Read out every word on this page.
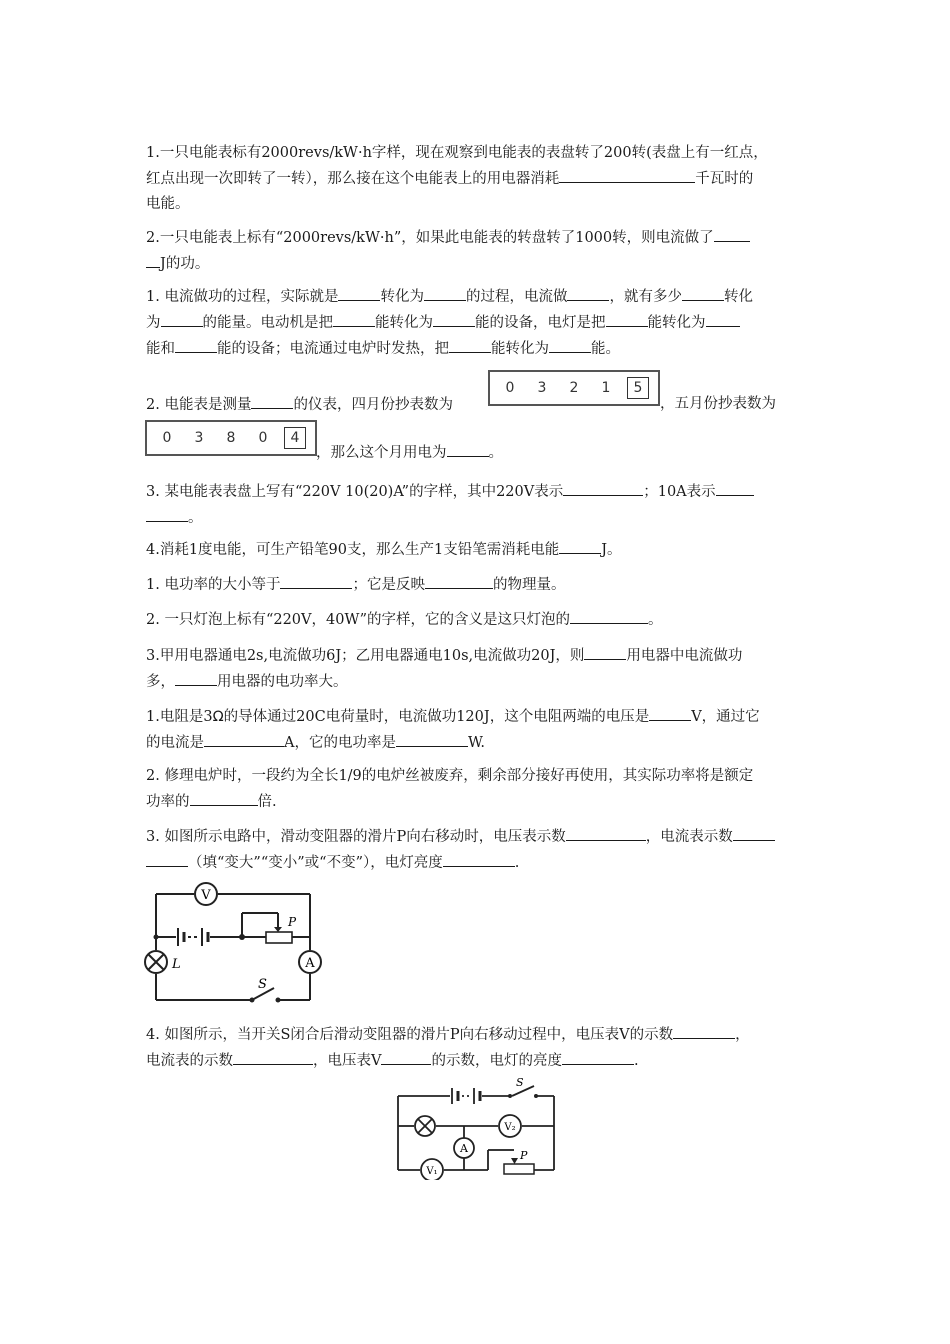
1.一只电能表标有2000revs/kW·h字样，现在观察到电能表的表盘转了200转(表盘上有一红点，
红点出现一次即转了一转），那么接在这个电能表上的用电器消耗	千瓦时的
电能。
2.一只电能表上标有“2000revs/kW·h”，如果此电能表的转盘转了1000转，则电流做了
J的功。
1. 电流做功的过程，实际就是	转化为	的过程，电流做	，就有多少	转化
为	的能量。电动机是把	能转化为	能的设备，电灯是把	能转化为
能和	能的设备；电流通过电炉时发热，把	能转化为	能。
2. 电能表是测量	的仪表，四月份抄表数为
0	3	2	1	5
，五月份抄表数为
0	3	8	0	4
，那么这个月用电为	。
3. 某电能表表盘上写有“220V 10(20)A”的字样，其中220V表示	；10A表示
。
4.消耗1度电能，可生产铅笔90支，那么生产1支铅笔需消耗电能	J。
1. 电功率的大小等于	；它是反映	的物理量。
2. 一只灯泡上标有“220V，40W”的字样，它的含义是这只灯泡的	。
3.甲用电器通电2s,电流做功6J；乙用电器通电10s,电流做功20J，则	用电器中电流做功
多，	用电器的电功率大。
1.电阻是3Ω的导体通过20C电荷量时，电流做功120J，这个电阻两端的电压是	V，通过它
的电流是	A，它的电功率是	W.
2. 修理电炉时，一段约为全长1/9的电炉丝被废弃，剩余部分接好再使用，其实际功率将是额定
功率的	倍.
3. 如图所示电路中，滑动变阻器的滑片P向右移动时，电压表示数	，电流表示数
（填“变大”“变小”或“不变”），电灯亮度	.
V
A
L
S
P
4. 如图所示，当开关S闭合后滑动变阻器的滑片P向右移动过程中，电压表V的示数	，
电流表的示数	，电压表V	的示数，电灯的亮度	.
A
V₂
V₁
S
P
